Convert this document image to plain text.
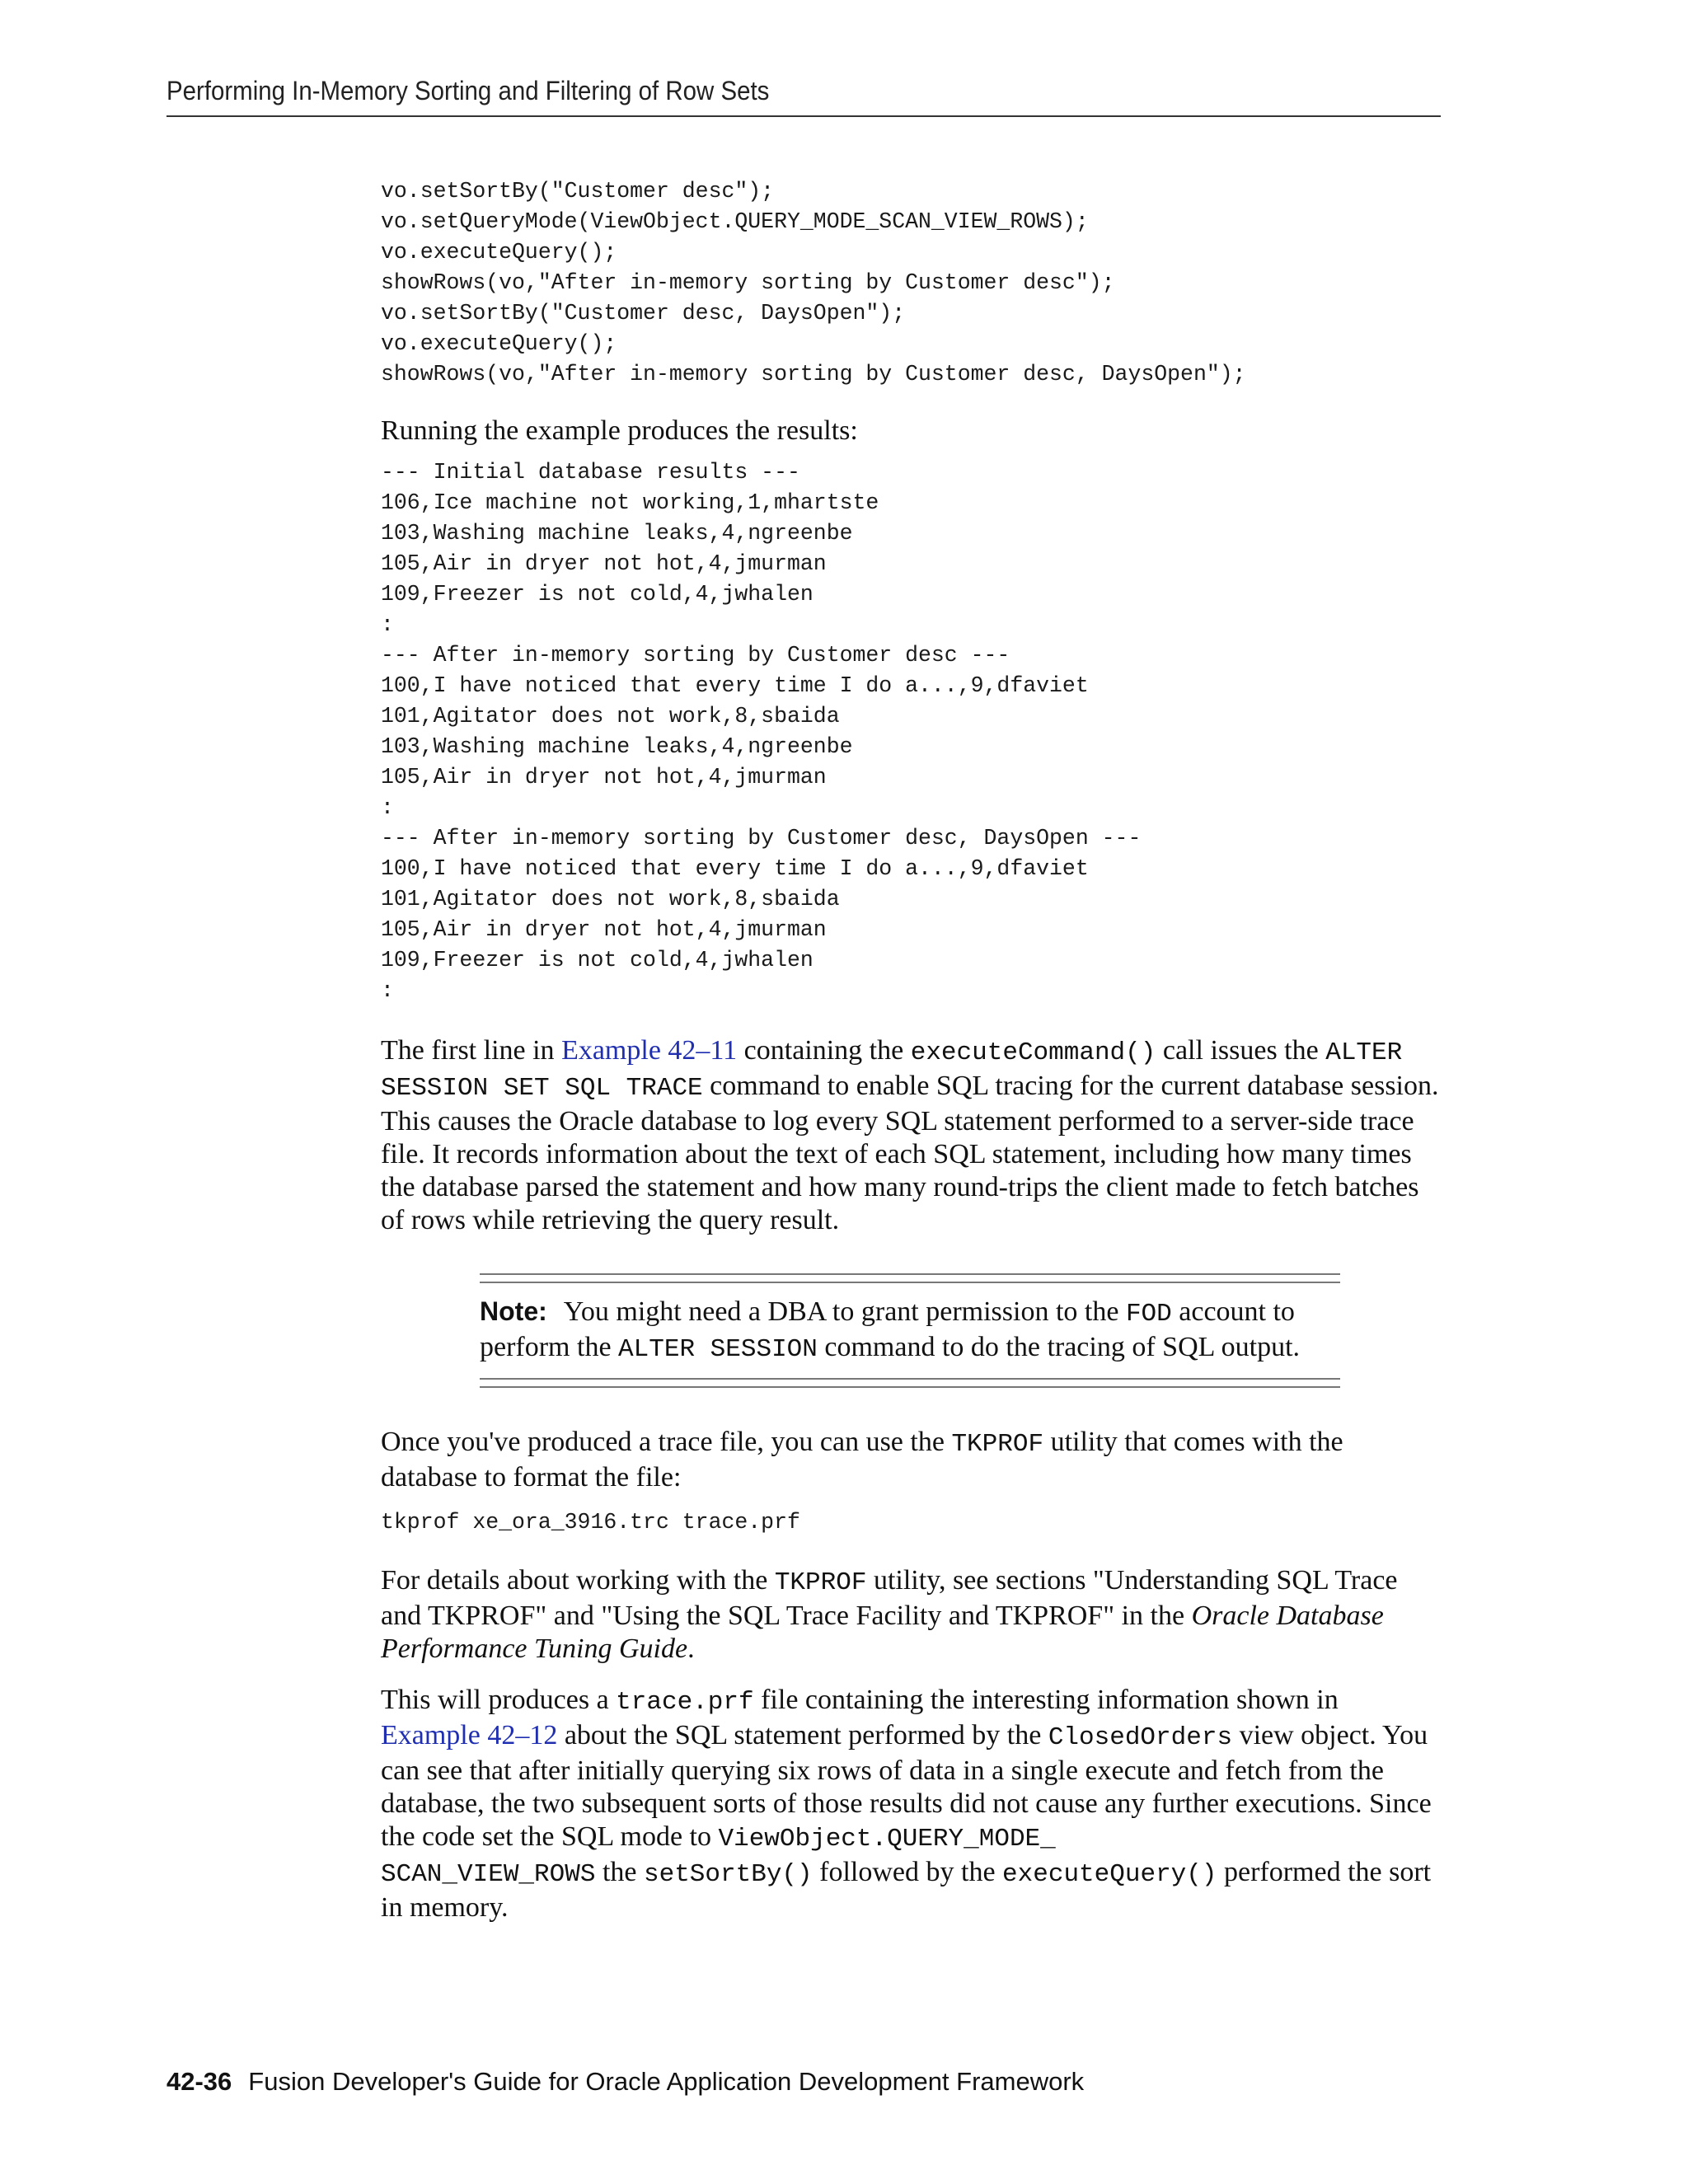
Performing In-Memory Sorting and Filtering of Row Sets
vo.setSortBy("Customer desc");
vo.setQueryMode(ViewObject.QUERY_MODE_SCAN_VIEW_ROWS);
vo.executeQuery();
showRows(vo,"After in-memory sorting by Customer desc");
vo.setSortBy("Customer desc, DaysOpen");
vo.executeQuery();
showRows(vo,"After in-memory sorting by Customer desc, DaysOpen");

Running the example produces the results:

--- Initial database results ---
106,Ice machine not working,1,mhartste
103,Washing machine leaks,4,ngreenbe
105,Air in dryer not hot,4,jmurman
109,Freezer is not cold,4,jwhalen
:
--- After in-memory sorting by Customer desc ---
100,I have noticed that every time I do a...,9,dfaviet
101,Agitator does not work,8,sbaida
103,Washing machine leaks,4,ngreenbe
105,Air in dryer not hot,4,jmurman
:
--- After in-memory sorting by Customer desc, DaysOpen ---
100,I have noticed that every time I do a...,9,dfaviet
101,Agitator does not work,8,sbaida
105,Air in dryer not hot,4,jmurman
109,Freezer is not cold,4,jwhalen
:

The first line in Example 42–11 containing the executeCommand() call issues the ALTER SESSION SET SQL TRACE command to enable SQL tracing for the current database session. This causes the Oracle database to log every SQL statement performed to a server-side trace file. It records information about the text of each SQL statement, including how many times the database parsed the statement and how many round-trips the client made to fetch batches of rows while retrieving the query result.

Note: You might need a DBA to grant permission to the FOD account to perform the ALTER SESSION command to do the tracing of SQL output.

Once you've produced a trace file, you can use the TKPROF utility that comes with the database to format the file:

tkprof xe_ora_3916.trc trace.prf

For details about working with the TKPROF utility, see sections "Understanding SQL Trace and TKPROF" and "Using the SQL Trace Facility and TKPROF" in the Oracle Database Performance Tuning Guide.

This will produces a trace.prf file containing the interesting information shown in Example 42–12 about the SQL statement performed by the ClosedOrders view object. You can see that after initially querying six rows of data in a single execute and fetch from the database, the two subsequent sorts of those results did not cause any further executions. Since the code set the SQL mode to ViewObject.QUERY_MODE_
SCAN_VIEW_ROWS the setSortBy() followed by the executeQuery() performed the sort in memory.

42-36 Fusion Developer's Guide for Oracle Application Development Framework
